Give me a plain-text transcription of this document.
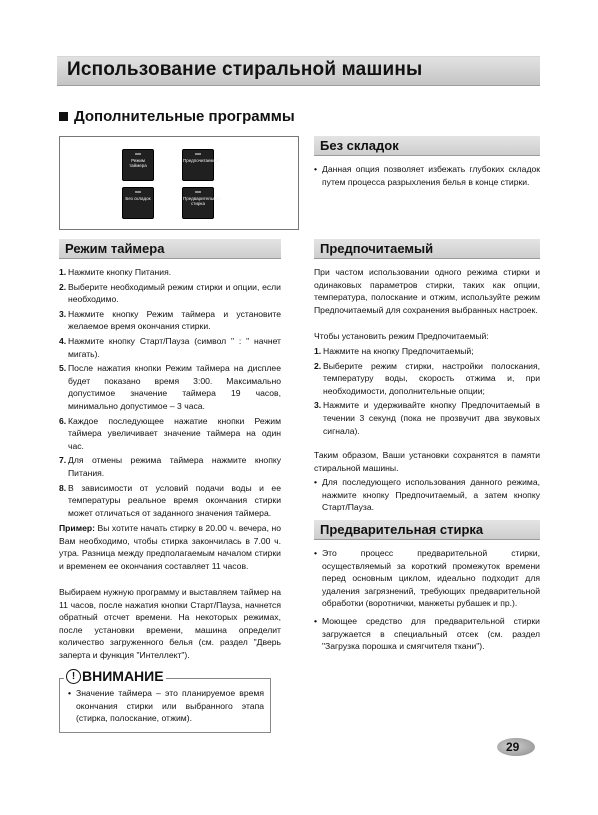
Использование стиральной машины
Дополнительные программы
Режим таймера
Предпочитаемый
Без складок	Предварительная стирка
Без складок
• Данная опция позволяет избежать глубоких складок путем процесса разрыхления белья в конце стирки.
Режим таймера
1. Нажмите кнопку Питания.
2. Выберите необходимый режим стирки и опции, если необходимо.
3. Нажмите кнопку Режим таймера и установите желаемое время окончания стирки.
4. Нажмите кнопку Старт/Пауза (символ " : " начнет мигать).
5. После нажатия кнопки Режим таймера на дисплее будет показано время 3:00. Максимально допустимое значение таймера 19 часов, минимально допустимое – 3 часа.
6. Каждое последующее нажатие кнопки Режим таймера увеличивает значение таймера на один час.
7. Для отмены режима таймера нажмите кнопку Питания.
8. В зависимости от условий подачи воды и ее температуры реальное время окончания стирки может отличаться от заданного значения таймера.
Пример: Вы хотите начать стирку в 20.00 ч. вечера, но Вам необходимо, чтобы стирка закончилась в 7.00 ч. утра. Разница между предполагаемым началом стирки и временем ее окончания составляет 11 часов.
Выбираем нужную программу и выставляем таймер на 11 часов, после нажатия кнопки Старт/Пауза, начнется обратный отсчет времени. На некоторых режимах, после установки времени, машина определит количество загруженного белья (см. раздел "Дверь заперта и функция "Интеллект").
• Значение таймера – это планируемое время окончания стирки или выбранного этапа (стирка, полоскание, отжим).
! ВНИМАНИЕ
Предпочитаемый
При частом использовании одного режима стирки и одинаковых параметров стирки, таких как опции, температура, полоскание и отжим, используйте режим Предпочитаемый для сохранения выбранных настроек.
Чтобы установить режим Предпочитаемый:
1. Нажмите на кнопку Предпочитаемый;
2. Выберите режим стирки, настройки полоскания, температуру воды, скорость отжима и, при необходимости, дополнительные опции;
3. Нажмите и удерживайте кнопку Предпочитаемый в течении 3 секунд (пока не прозвучит два звуковых сигнала).
Таким образом, Ваши установки сохранятся в памяти стиральной машины.
• Для последующего использования данного режима, нажмите кнопку Предпочитаемый, а затем кнопку Старт/Пауза.
Предварительная стирка
• Это процесс предварительной стирки, осуществляемый за короткий промежуток времени перед основным циклом, идеально подходит для удаления загрязнений, требующих предварительной обработки (воротнички, манжеты рубашек и пр.).
• Моющее средство для предварительной стирки загружается в специальный отсек (см. раздел "Загрузка порошка и смягчителя ткани").
29
